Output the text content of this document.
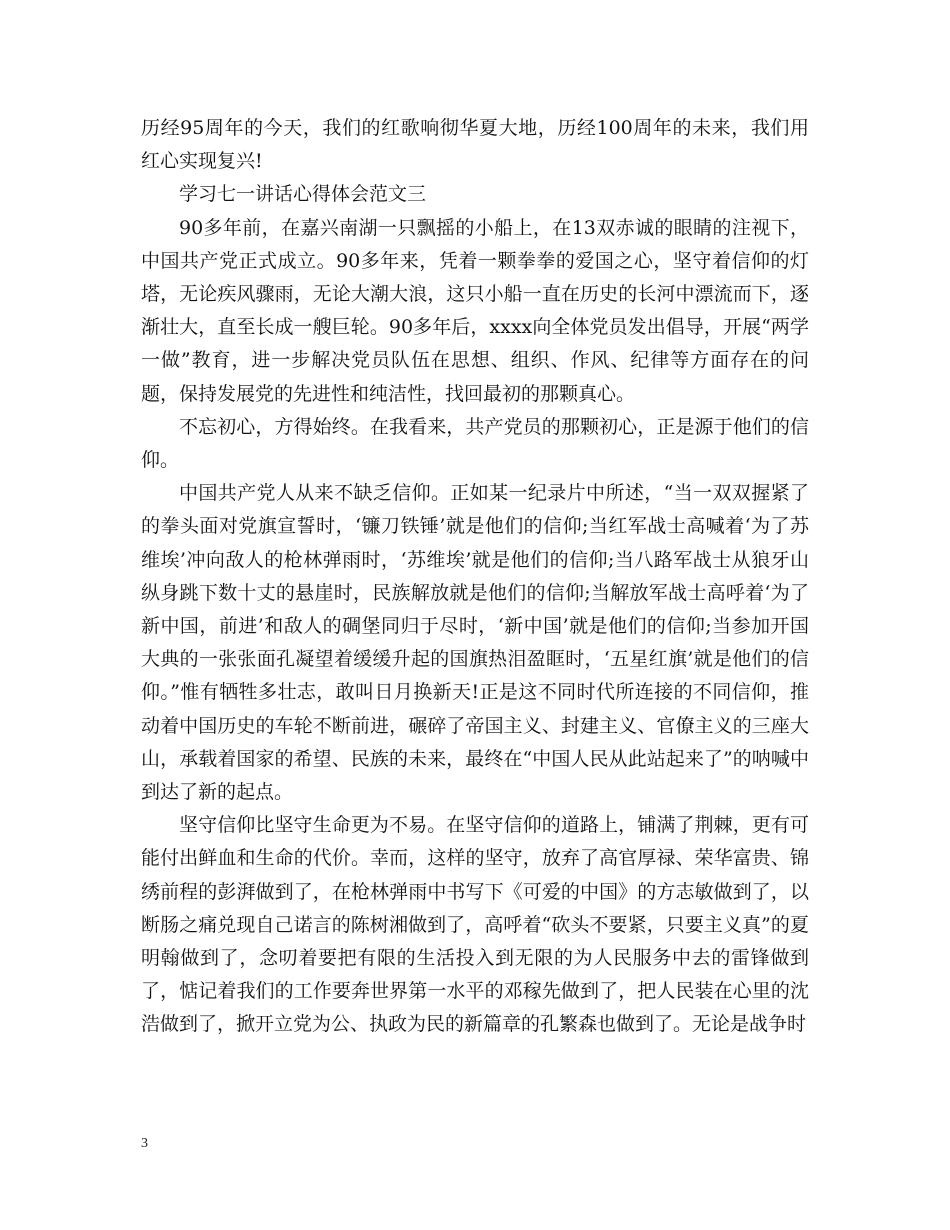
历经95周年的今天，我们的红歌响彻华夏大地，历经100周年的未来，我们用红心实现复兴!

学习七一讲话心得体会范文三

90多年前，在嘉兴南湖一只飘摇的小船上，在13双赤诚的眼睛的注视下，中国共产党正式成立。90多年来，凭着一颗拳拳的爱国之心，坚守着信仰的灯塔，无论疾风骤雨，无论大潮大浪，这只小船一直在历史的长河中漂流而下，逐渐壮大，直至长成一艘巨轮。90多年后，xxxx向全体党员发出倡导，开展“两学一做”教育，进一步解决党员队伍在思想、组织、作风、纪律等方面存在的问题，保持发展党的先进性和纯洁性，找回最初的那颗真心。

不忘初心，方得始终。在我看来，共产党员的那颗初心，正是源于他们的信仰。

中国共产党人从来不缺乏信仰。正如某一纪录片中所述，“当一双双握紧了的拳头面对党旗宣誓时，‘镰刀铁锤’就是他们的信仰;当红军战士高喊着‘为了苏维埃’冲向敌人的枪林弹雨时，‘苏维埃’就是他们的信仰;当八路军战士从狼牙山纵身跳下数十丈的悬崖时，民族解放就是他们的信仰;当解放军战士高呼着‘为了新中国，前进’和敌人的碉堡同归于尽时，‘新中国’就是他们的信仰;当参加开国大典的一张张面孔凝望着缓缓升起的国旗热泪盈眶时，‘五星红旗’就是他们的信仰。”惟有牺牲多壮志，敢叫日月换新天!正是这不同时代所连接的不同信仰，推动着中国历史的车轮不断前进，碾碎了帝国主义、封建主义、官僚主义的三座大山，承载着国家的希望、民族的未来，最终在“中国人民从此站起来了”的呐喊中到达了新的起点。

坚守信仰比坚守生命更为不易。在坚守信仰的道路上，铺满了荆棘，更有可能付出鲜血和生命的代价。幸而，这样的坚守，放弃了高官厚禄、荣华富贵、锦绣前程的彭湃做到了，在枪林弹雨中书写下《可爱的中国》的方志敏做到了，以断肠之痛兑现自己诺言的陈树湘做到了，高呼着“砍头不要紧，只要主义真”的夏明翰做到了，念叨着要把有限的生活投入到无限的为人民服务中去的雷锋做到了，惦记着我们的工作要奔世界第一水平的邓稼先做到了，把人民装在心里的沈浩做到了，掀开立党为公、执政为民的新篇章的孔繁森也做到了。无论是战争时

3
